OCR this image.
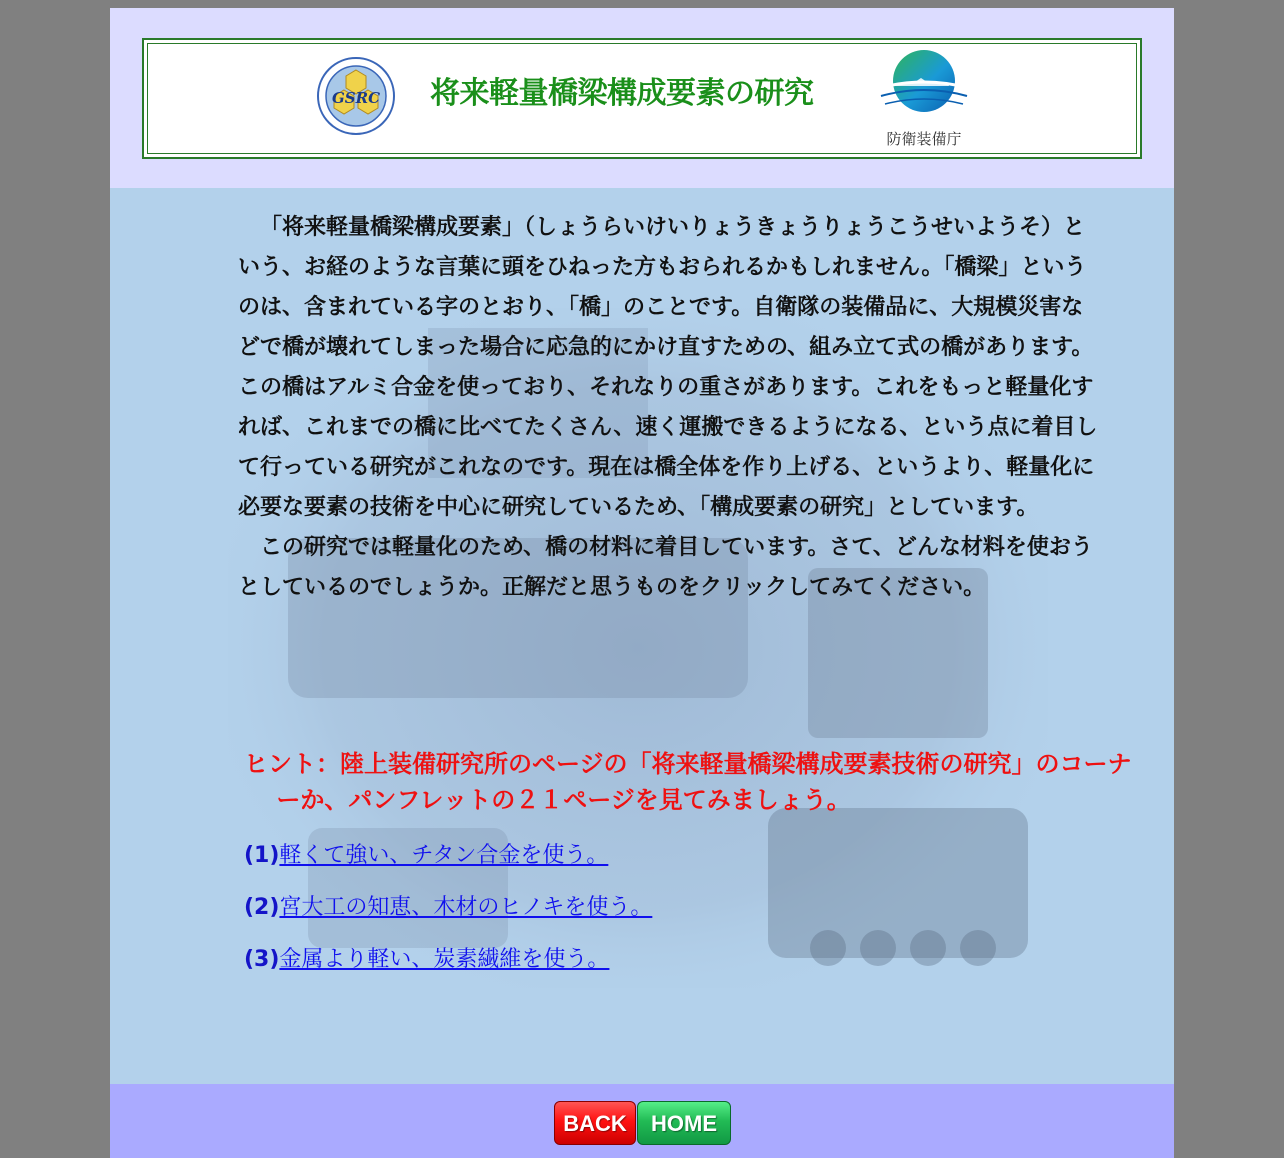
GSRC 将来軽量橋梁構成要素の研究
防衛装備庁

「将来軽量橋梁構成要素」（しょうらいけいりょうきょうりょうこうせいようそ）という、お経のような言葉に頭をひねった方もおられるかもしれません。「橋梁」というのは、含まれている字のとおり、「橋」のことです。自衛隊の装備品に、大規模災害などで橋が壊れてしまった場合に応急的にかけ直すための、組み立て式の橋があります。この橋はアルミ合金を使っており、それなりの重さがあります。これをもっと軽量化すれば、これまでの橋に比べてたくさん、速く運搬できるようになる、という点に着目して行っている研究がこれなのです。現在は橋全体を作り上げる、というより、軽量化に必要な要素の技術を中心に研究しているため、「構成要素の研究」としています。

この研究では軽量化のため、橋の材料に着目しています。さて、どんな材料を使おうとしているのでしょうか。正解だと思うものをクリックしてみてください。

ヒント：陸上装備研究所のページの「将来軽量橋梁構成要素技術の研究」のコーナーか、パンフレットの２１ページを見てみましょう。
(1)軽くて強い、チタン合金を使う。
(2)宮大工の知恵、木材のヒノキを使う。
(3)金属より軽い、炭素繊維を使う。
BACK	HOME
